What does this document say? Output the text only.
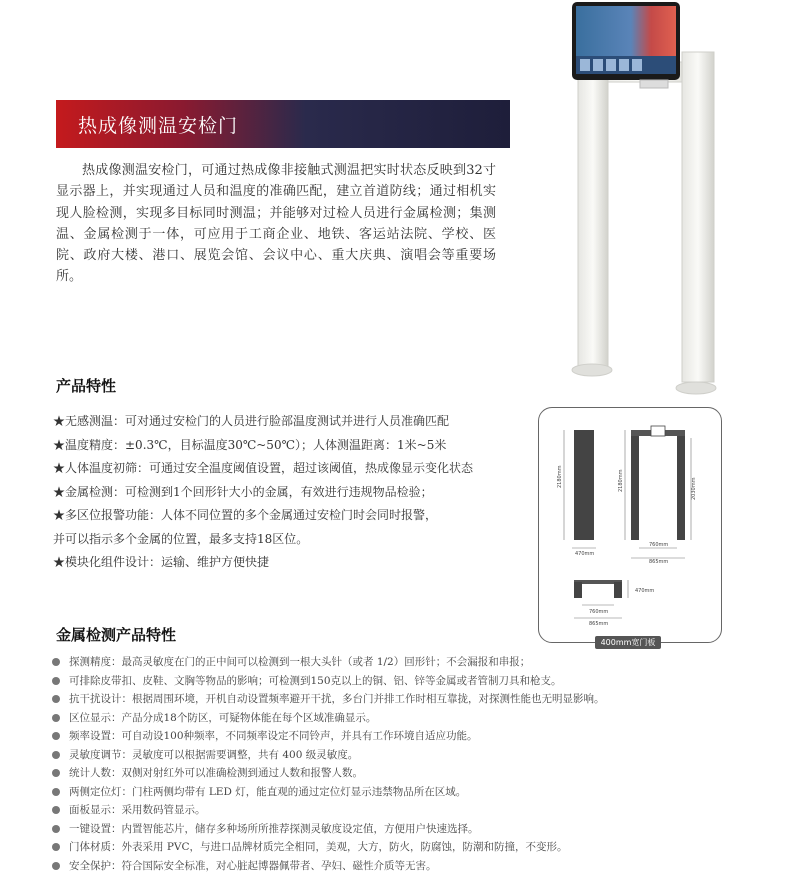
热成像测温安检门

热成像测温安检门，可通过热成像非接触式测温把实时状态反映到32寸显示器上，并实现通过人员和温度的准确匹配，建立首道防线；通过相机实现人脸检测，实现多目标同时测温；并能够对过检人员进行金属检测；集测温、金属检测于一体，可应用于工商企业、地铁、客运站法院、学校、医院、政府大楼、港口、展览会馆、会议中心、重大庆典、演唱会等重要场所。

产品特性
★无感测温：可对通过安检门的人员进行脸部温度测试并进行人员准确匹配
★温度精度：±0.3℃，目标温度30℃~50℃）；人体测温距离：1米~5米
★人体温度初筛：可通过安全温度阈值设置，超过该阈值，热成像显示变化状态
★金属检测：可检测到1个回形针大小的金属，有效进行违规物品检验；
★多区位报警功能：人体不同位置的多个金属通过安检门时会同时报警，
并可以指示多个金属的位置，最多支持18区位。
★模块化组件设计：运输、维护方便快捷
2180mm
470mm
2180mm	2030mm
760mm
865mm
470mm
760mm
865mm
400mm宽门板
金属检测产品特性
探测精度：最高灵敏度在门的正中间可以检测到一根大头针（或者 1/2）回形针；不会漏报和串报；
可排除皮带扣、皮鞋、文胸等物品的影响；可检测到150克以上的铜、铝、锌等金属或者管制刀具和枪支。
抗干扰设计：根据周围环境，开机自动设置频率避开干扰，多台门并排工作时相互靠拢，对探测性能也无明显影响。
区位显示：产品分成18个防区，可疑物体能在每个区域准确显示。
频率设置：可自动设100种频率，不同频率设定不同铃声，并具有工作环境自适应功能。
灵敏度调节：灵敏度可以根据需要调整，共有 400 级灵敏度。
统计人数：双侧对射红外可以准确检测到通过人数和报警人数。
两侧定位灯：门柱两侧均带有 LED 灯，能直观的通过定位灯显示违禁物品所在区域。
面板显示：采用数码管显示。
一键设置：内置智能芯片，储存多种场所所推荐探测灵敏度设定值，方便用户快速选择。
门体材质：外表采用 PVC，与进口品牌材质完全相同，美观，大方，防火，防腐蚀，防潮和防撞，不变形。
安全保护：符合国际安全标准，对心脏起博器佩带者、孕妇、磁性介质等无害。
